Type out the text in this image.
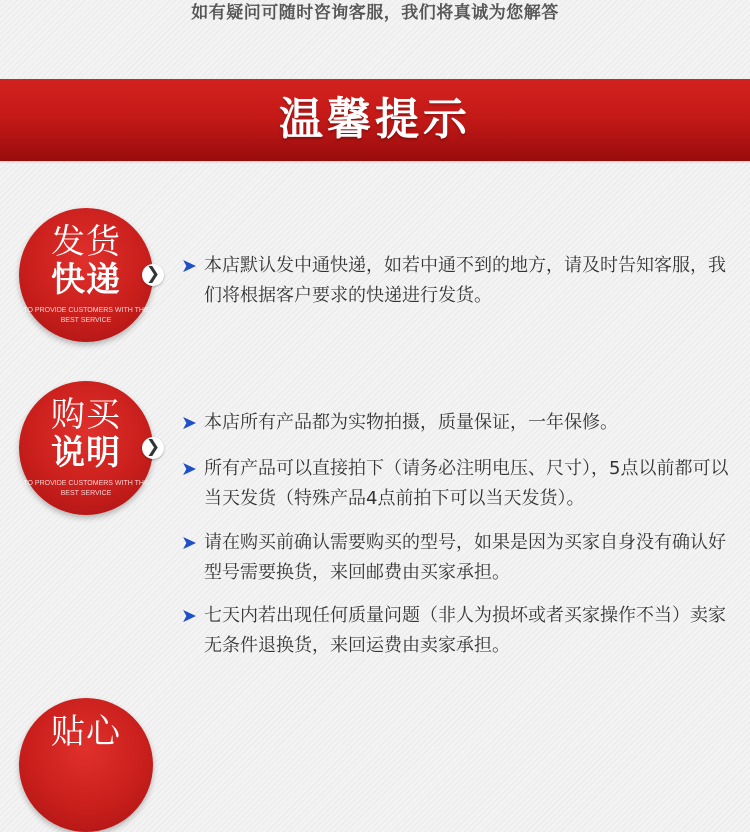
如有疑问可随时咨询客服，我们将真诚为您解答
温馨提示
发货
快递
TO PROVIDE CUSTOMERS WITH THE BEST SERVICE
❯ ➤ 本店默认发中通快递，如若中通不到的地方，请及时告知客服，我们将根据客户要求的快递进行发货。
购买
说明
TO PROVIDE CUSTOMERS WITH THE BEST SERVICE
❯
➤ 本店所有产品都为实物拍摄，质量保证，一年保修。
➤ 所有产品可以直接拍下（请务必注明电压、尺寸），5点以前都可以当天发货（特殊产品4点前拍下可以当天发货）。
➤ 请在购买前确认需要购买的型号，如果是因为买家自身没有确认好型号需要换货，来回邮费由买家承担。
➤ 七天内若出现任何质量问题（非人为损坏或者买家操作不当）卖家无条件退换货，来回运费由卖家承担。
贴心
